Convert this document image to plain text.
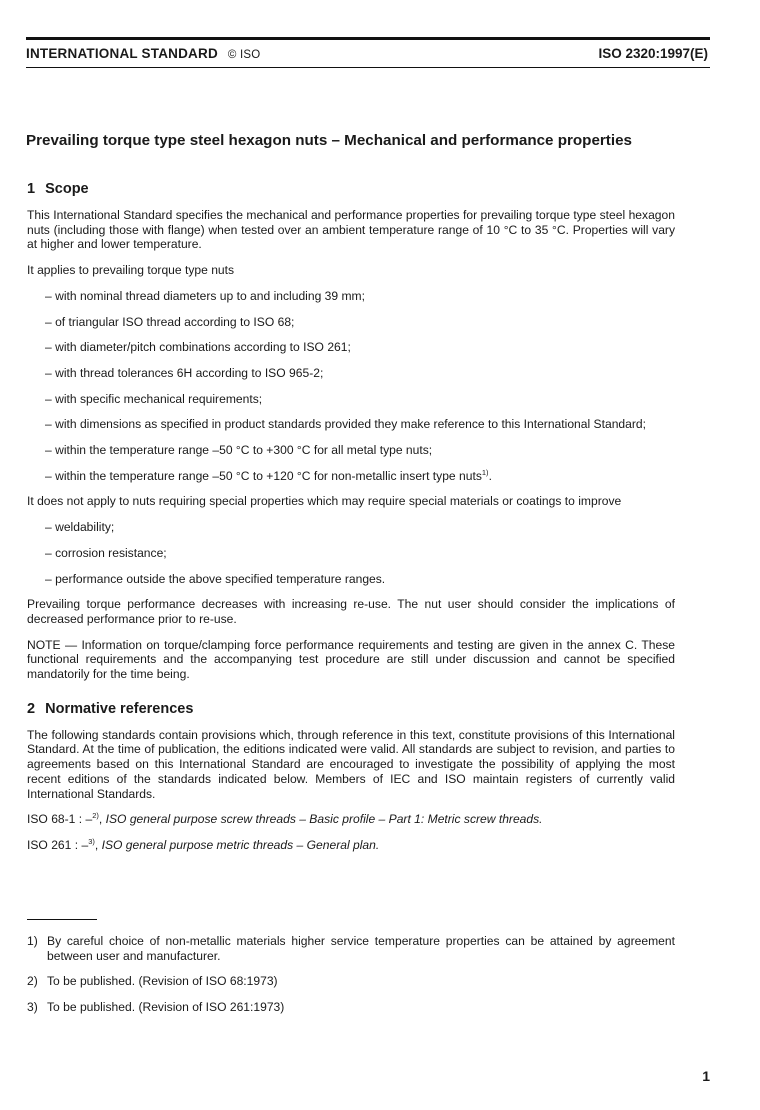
INTERNATIONAL STANDARD © ISO	ISO 2320:1997(E)
Prevailing torque type steel hexagon nuts – Mechanical and performance properties
1 Scope
This International Standard specifies the mechanical and performance properties for prevailing torque type steel hexagon nuts (including those with flange) when tested over an ambient temperature range of 10 °C to 35 °C. Properties will vary at higher and lower temperature.
It applies to prevailing torque type nuts
– with nominal thread diameters up to and including 39 mm;
– of triangular ISO thread according to ISO 68;
– with diameter/pitch combinations according to ISO 261;
– with thread tolerances 6H according to ISO 965-2;
– with specific mechanical requirements;
– with dimensions as specified in product standards provided they make reference to this International Standard;
– within the temperature range –50 °C to +300 °C for all metal type nuts;
– within the temperature range –50 °C to +120 °C for non-metallic insert type nuts$^{1)}$.
It does not apply to nuts requiring special properties which may require special materials or coatings to improve
– weldability;
– corrosion resistance;
– performance outside the above specified temperature ranges.
Prevailing torque performance decreases with increasing re-use. The nut user should consider the implications of decreased performance prior to re-use.
NOTE — Information on torque/clamping force performance requirements and testing are given in the annex C. These functional requirements and the accompanying test procedure are still under discussion and cannot be specified mandatorily for the time being.
2 Normative references
The following standards contain provisions which, through reference in this text, constitute provisions of this International Standard. At the time of publication, the editions indicated were valid. All standards are subject to revision, and parties to agreements based on this International Standard are encouraged to investigate the possibility of applying the most recent editions of the standards indicated below. Members of IEC and ISO maintain registers of currently valid International Standards.
ISO 68-1 : –$^{2)}$, ISO general purpose screw threads – Basic profile – Part 1: Metric screw threads.
ISO 261 : –$^{3)}$, ISO general purpose metric threads – General plan.
1) By careful choice of non-metallic materials higher service temperature properties can be attained by agreement between user and manufacturer.
2) To be published. (Revision of ISO 68:1973)
3) To be published. (Revision of ISO 261:1973)
1
